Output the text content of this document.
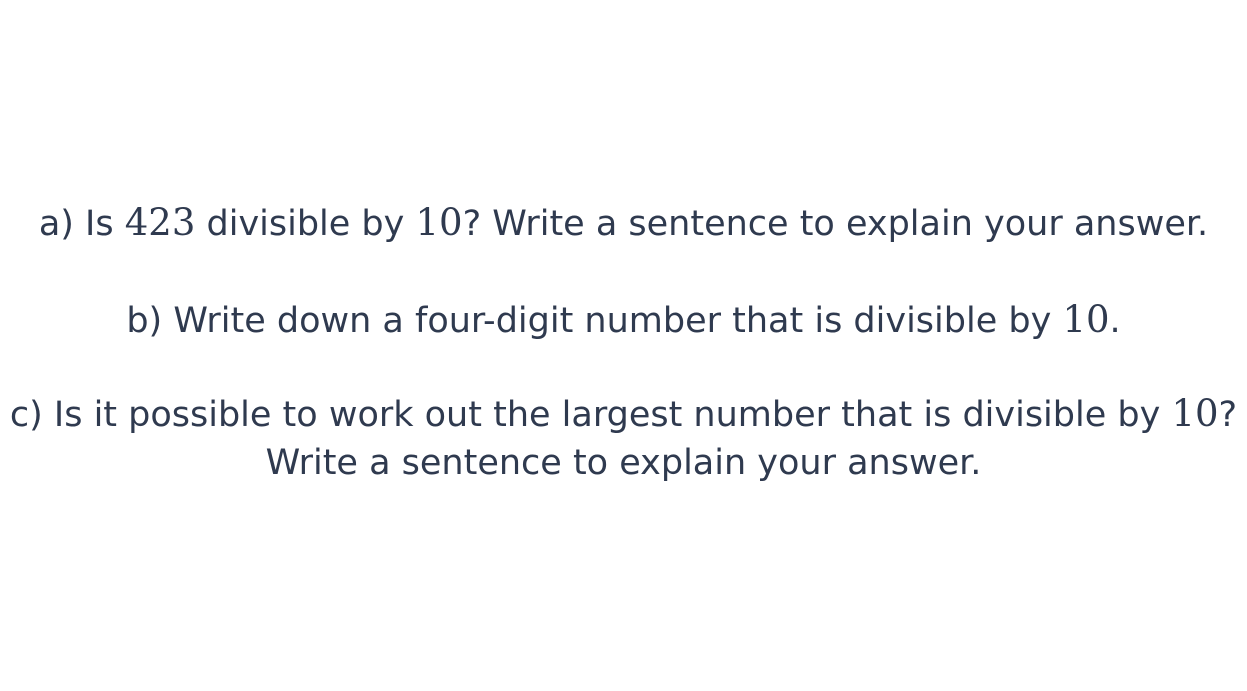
a) Is 423 divisible by 10? Write a sentence to explain your answer.
b) Write down a four-digit number that is divisible by 10.
c) Is it possible to work out the largest number that is divisible by 10?
Write a sentence to explain your answer.
